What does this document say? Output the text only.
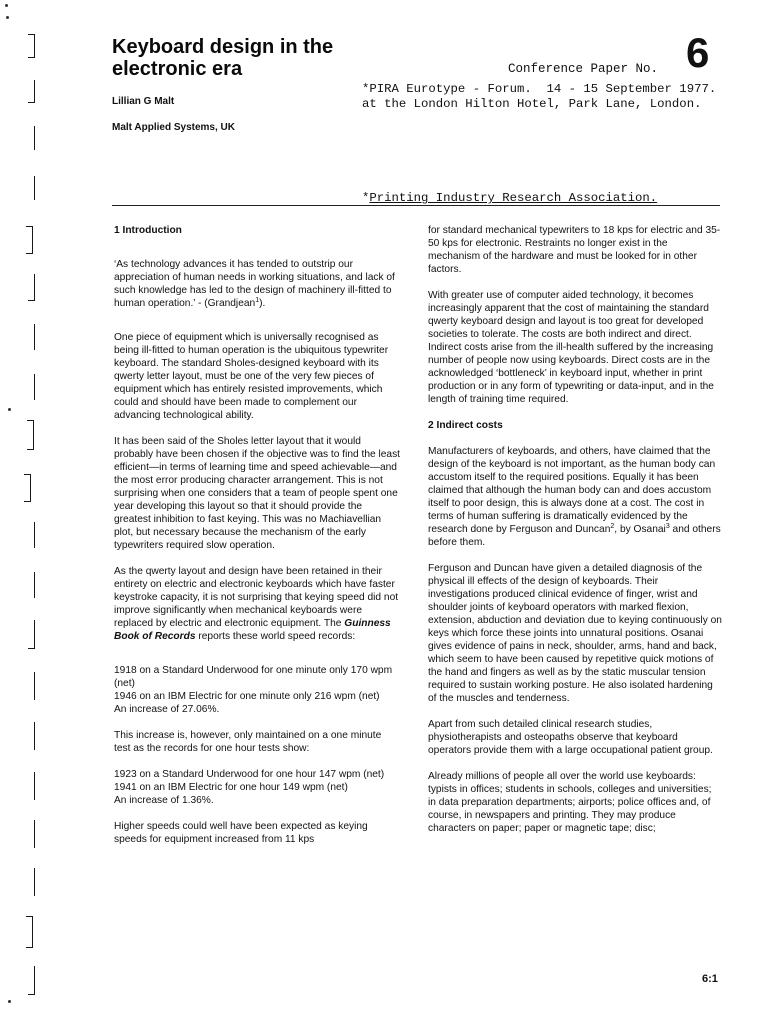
Keyboard design in the electronic era
Lillian G Malt
Malt Applied Systems, UK
Conference Paper No. 6
*PIRA Eurotype - Forum.  14 - 15 September 1977.
at the London Hilton Hotel, Park Lane, London.
*Printing Industry Research Association.
1 Introduction

‘As technology advances it has tended to outstrip our appreciation of human needs in working situations, and lack of such knowledge has led to the design of machinery ill-fitted to human operation.’ - (Grandjean$^1$).

One piece of equipment which is universally recognised as being ill-fitted to human operation is the ubiquitous typewriter keyboard. The standard Sholes-designed keyboard with its qwerty letter layout, must be one of the very few pieces of equipment which has entirely resisted improvements, which could and should have been made to complement our advancing technological ability.

It has been said of the Sholes letter layout that it would probably have been chosen if the objective was to find the least efficient—in terms of learning time and speed achievable—and the most error producing character arrangement. This is not surprising when one considers that a team of people spent one year developing this layout so that it should provide the greatest inhibition to fast keying. This was no Machiavellian plot, but necessary because the mechanism of the early typewriters required slow operation.

As the qwerty layout and design have been retained in their entirety on electric and electronic keyboards which have faster keystroke capacity, it is not surprising that keying speed did not improve significantly when mechanical keyboards were replaced by electric and electronic equipment. The Guinness Book of Records reports these world speed records:

1918 on a Standard Underwood for one minute only 170 wpm (net)

1946 on an IBM Electric for one minute only 216 wpm (net)

An increase of 27.06%.

This increase is, however, only maintained on a one minute test as the records for one hour tests show:

1923 on a Standard Underwood for one hour 147 wpm (net)

1941 on an IBM Electric for one hour 149 wpm (net)

An increase of 1.36%.

Higher speeds could well have been expected as keying speeds for equipment increased from 11 kps

for standard mechanical typewriters to 18 kps for electric and 35-50 kps for electronic. Restraints no longer exist in the mechanism of the hardware and must be looked for in other factors.

With greater use of computer aided technology, it becomes increasingly apparent that the cost of maintaining the standard qwerty keyboard design and layout is too great for developed societies to tolerate. The costs are both indirect and direct. Indirect costs arise from the ill-health suffered by the increasing number of people now using keyboards. Direct costs are in the acknowledged ‘bottleneck’ in keyboard input, whether in print production or in any form of typewriting or data-input, and in the length of training time required.

2 Indirect costs

Manufacturers of keyboards, and others, have claimed that the design of the keyboard is not important, as the human body can accustom itself to the required positions. Equally it has been claimed that although the human body can and does accustom itself to poor design, this is always done at a cost. The cost in terms of human suffering is dramatically evidenced by the research done by Ferguson and Duncan$^2$, by Osanai$^3$ and others before them.

Ferguson and Duncan have given a detailed diagnosis of the physical ill effects of the design of keyboards. Their investigations produced clinical evidence of finger, wrist and shoulder joints of keyboard operators with marked flexion, extension, abduction and deviation due to keying continuously on keys which force these joints into unnatural positions. Osanai gives evidence of pains in neck, shoulder, arms, hand and back, which seem to have been caused by repetitive quick motions of the hand and fingers as well as by the static muscular tension required to sustain working posture. He also isolated hardening of the muscles and tenderness.

Apart from such detailed clinical research studies, physiotherapists and osteopaths observe that keyboard operators provide them with a large occupational patient group.

Already millions of people all over the world use keyboards: typists in offices; students in schools, colleges and universities; in data preparation departments; airports; police offices and, of course, in newspapers and printing. They may produce characters on paper; paper or magnetic tape; disc;

6:1
